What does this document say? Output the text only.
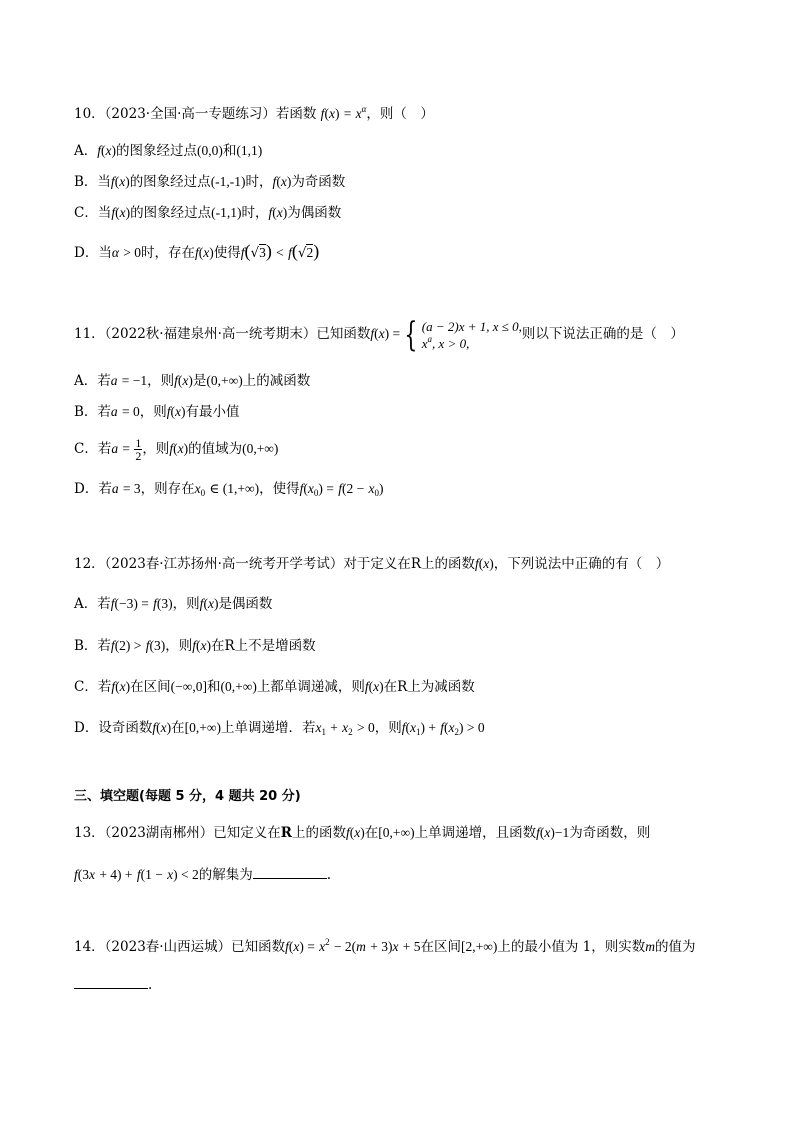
10．（2023·全国·高一专题练习）若函数 $f(x) = x^\alpha$，则（　）
A．f(x)的图象经过点(0,0)和(1,1)
B．当f(x)的图象经过点(-1,-1)时，f(x)为奇函数
C．当f(x)的图象经过点(-1,1)时，f(x)为偶函数
D．当α > 0时，存在f(x)使得f(√3) < f(√2)
11．（2022秋·福建泉州·高一统考期末）已知函数f(x) = { (a − 2)x + 1, x ≤ 0,
$x^a$, x > 0,
则以下说法正确的是（　）
A．若a = −1，则f(x)是(0,+∞)上的减函数
B．若a = 0，则f(x)有最小值
C．若$a = \frac{1}{2}$ ，则f(x)的值域为(0,+∞)
D．若a = 3，则存在$x_0$ ∈ (1,+∞)，使得$f(x_0) = f(2 - x_0)$
12．（2023春·江苏扬州·高一统考开学考试）对于定义在R上的函数f(x)，下列说法中正确的有（　）
A．若f(−3) = f(3)，则f(x)是偶函数
B．若f(2) > f(3)，则f(x)在R上不是增函数
C．若f(x)在区间(−∞,0]和(0,+∞)上都单调递减，则f(x)在R上为减函数
D．设奇函数f(x)在[0,+∞)上单调递增．若$x_1 + x_2 > 0$，则$f(x_1) + f(x_2) > 0$
三、填空题(每题 5 分，4 题共 20 分)
13．（2023湖南郴州）已知定义在R上的函数f(x)在[0,+∞)上单调递增，且函数f(x)−1为奇函数，则
f(3x + 4) + f(1 − x) < 2的解集为	.
14．（2023春·山西运城）已知函数$f(x) = x^2 - 2(m + 3)x + 5$在区间[2,+∞)上的最小值为 1，则实数m的值为
.
